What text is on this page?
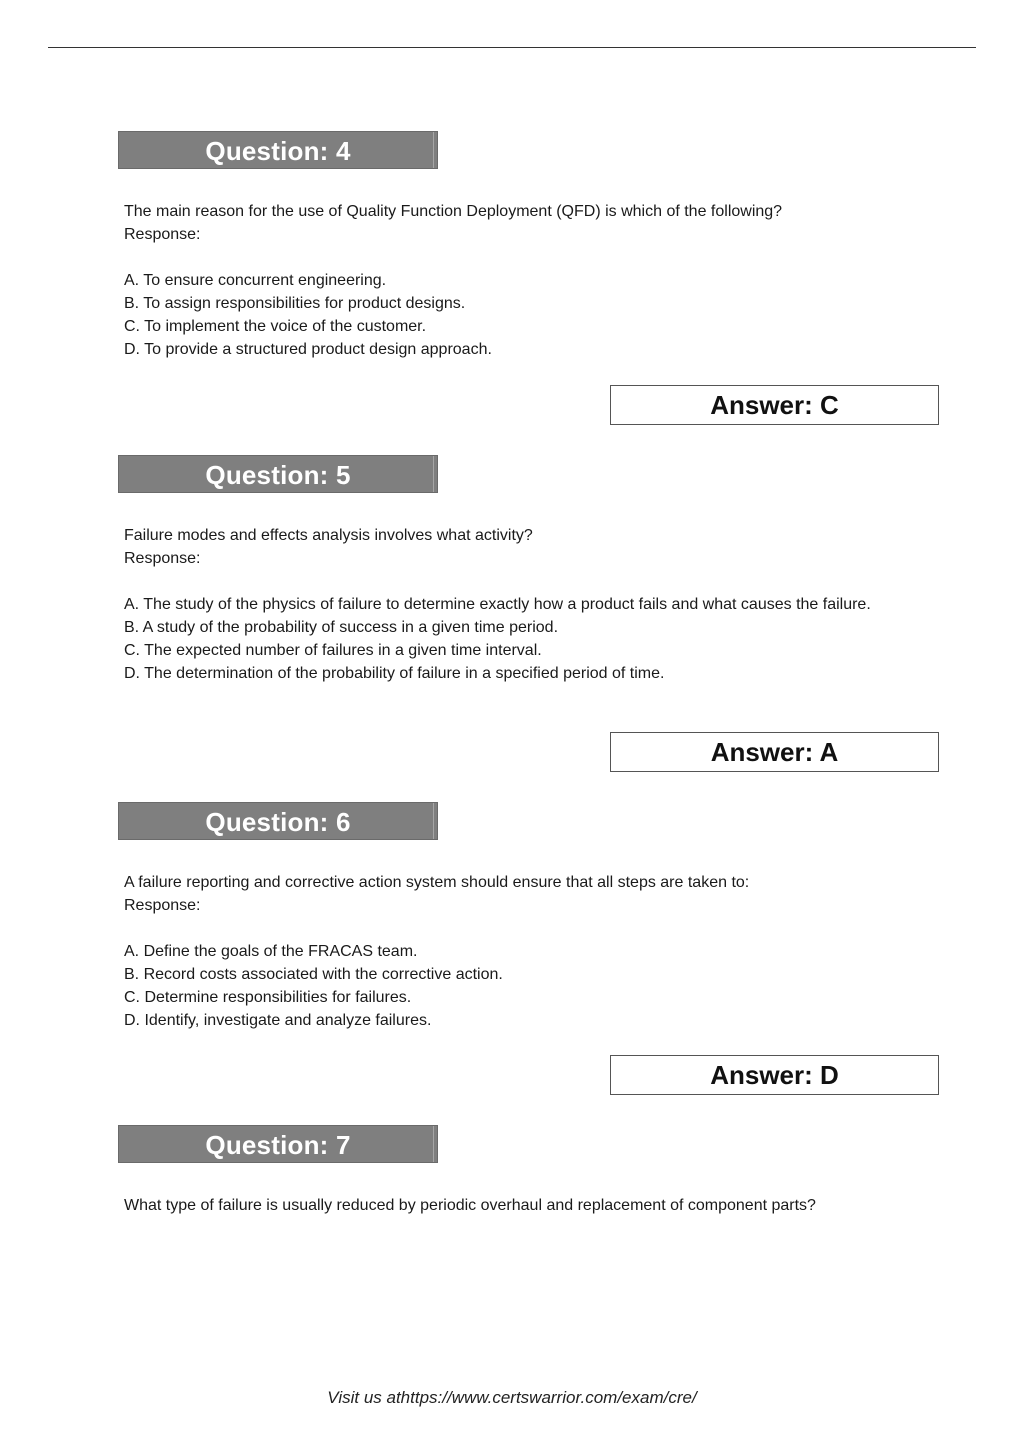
Question: 4

The main reason for the use of Quality Function Deployment (QFD) is which of the following?

Response:

A. To ensure concurrent engineering.

B. To assign responsibilities for product designs.

C. To implement the voice of the customer.

D. To provide a structured product design approach.

Answer: C
Question: 5

Failure modes and effects analysis involves what activity?

Response:

A. The study of the physics of failure to determine exactly how a product fails and what causes the failure.

B. A study of the probability of success in a given time period.

C. The expected number of failures in a given time interval.

D. The determination of the probability of failure in a specified period of time.

Answer: A
Question: 6

A failure reporting and corrective action system should ensure that all steps are taken to:

Response:

A. Define the goals of the FRACAS team.

B. Record costs associated with the corrective action.

C. Determine responsibilities for failures.

D. Identify, investigate and analyze failures.

Answer: D
Question: 7

What type of failure is usually reduced by periodic overhaul and replacement of component parts?

Visit us athttps://www.certswarrior.com/exam/cre/
